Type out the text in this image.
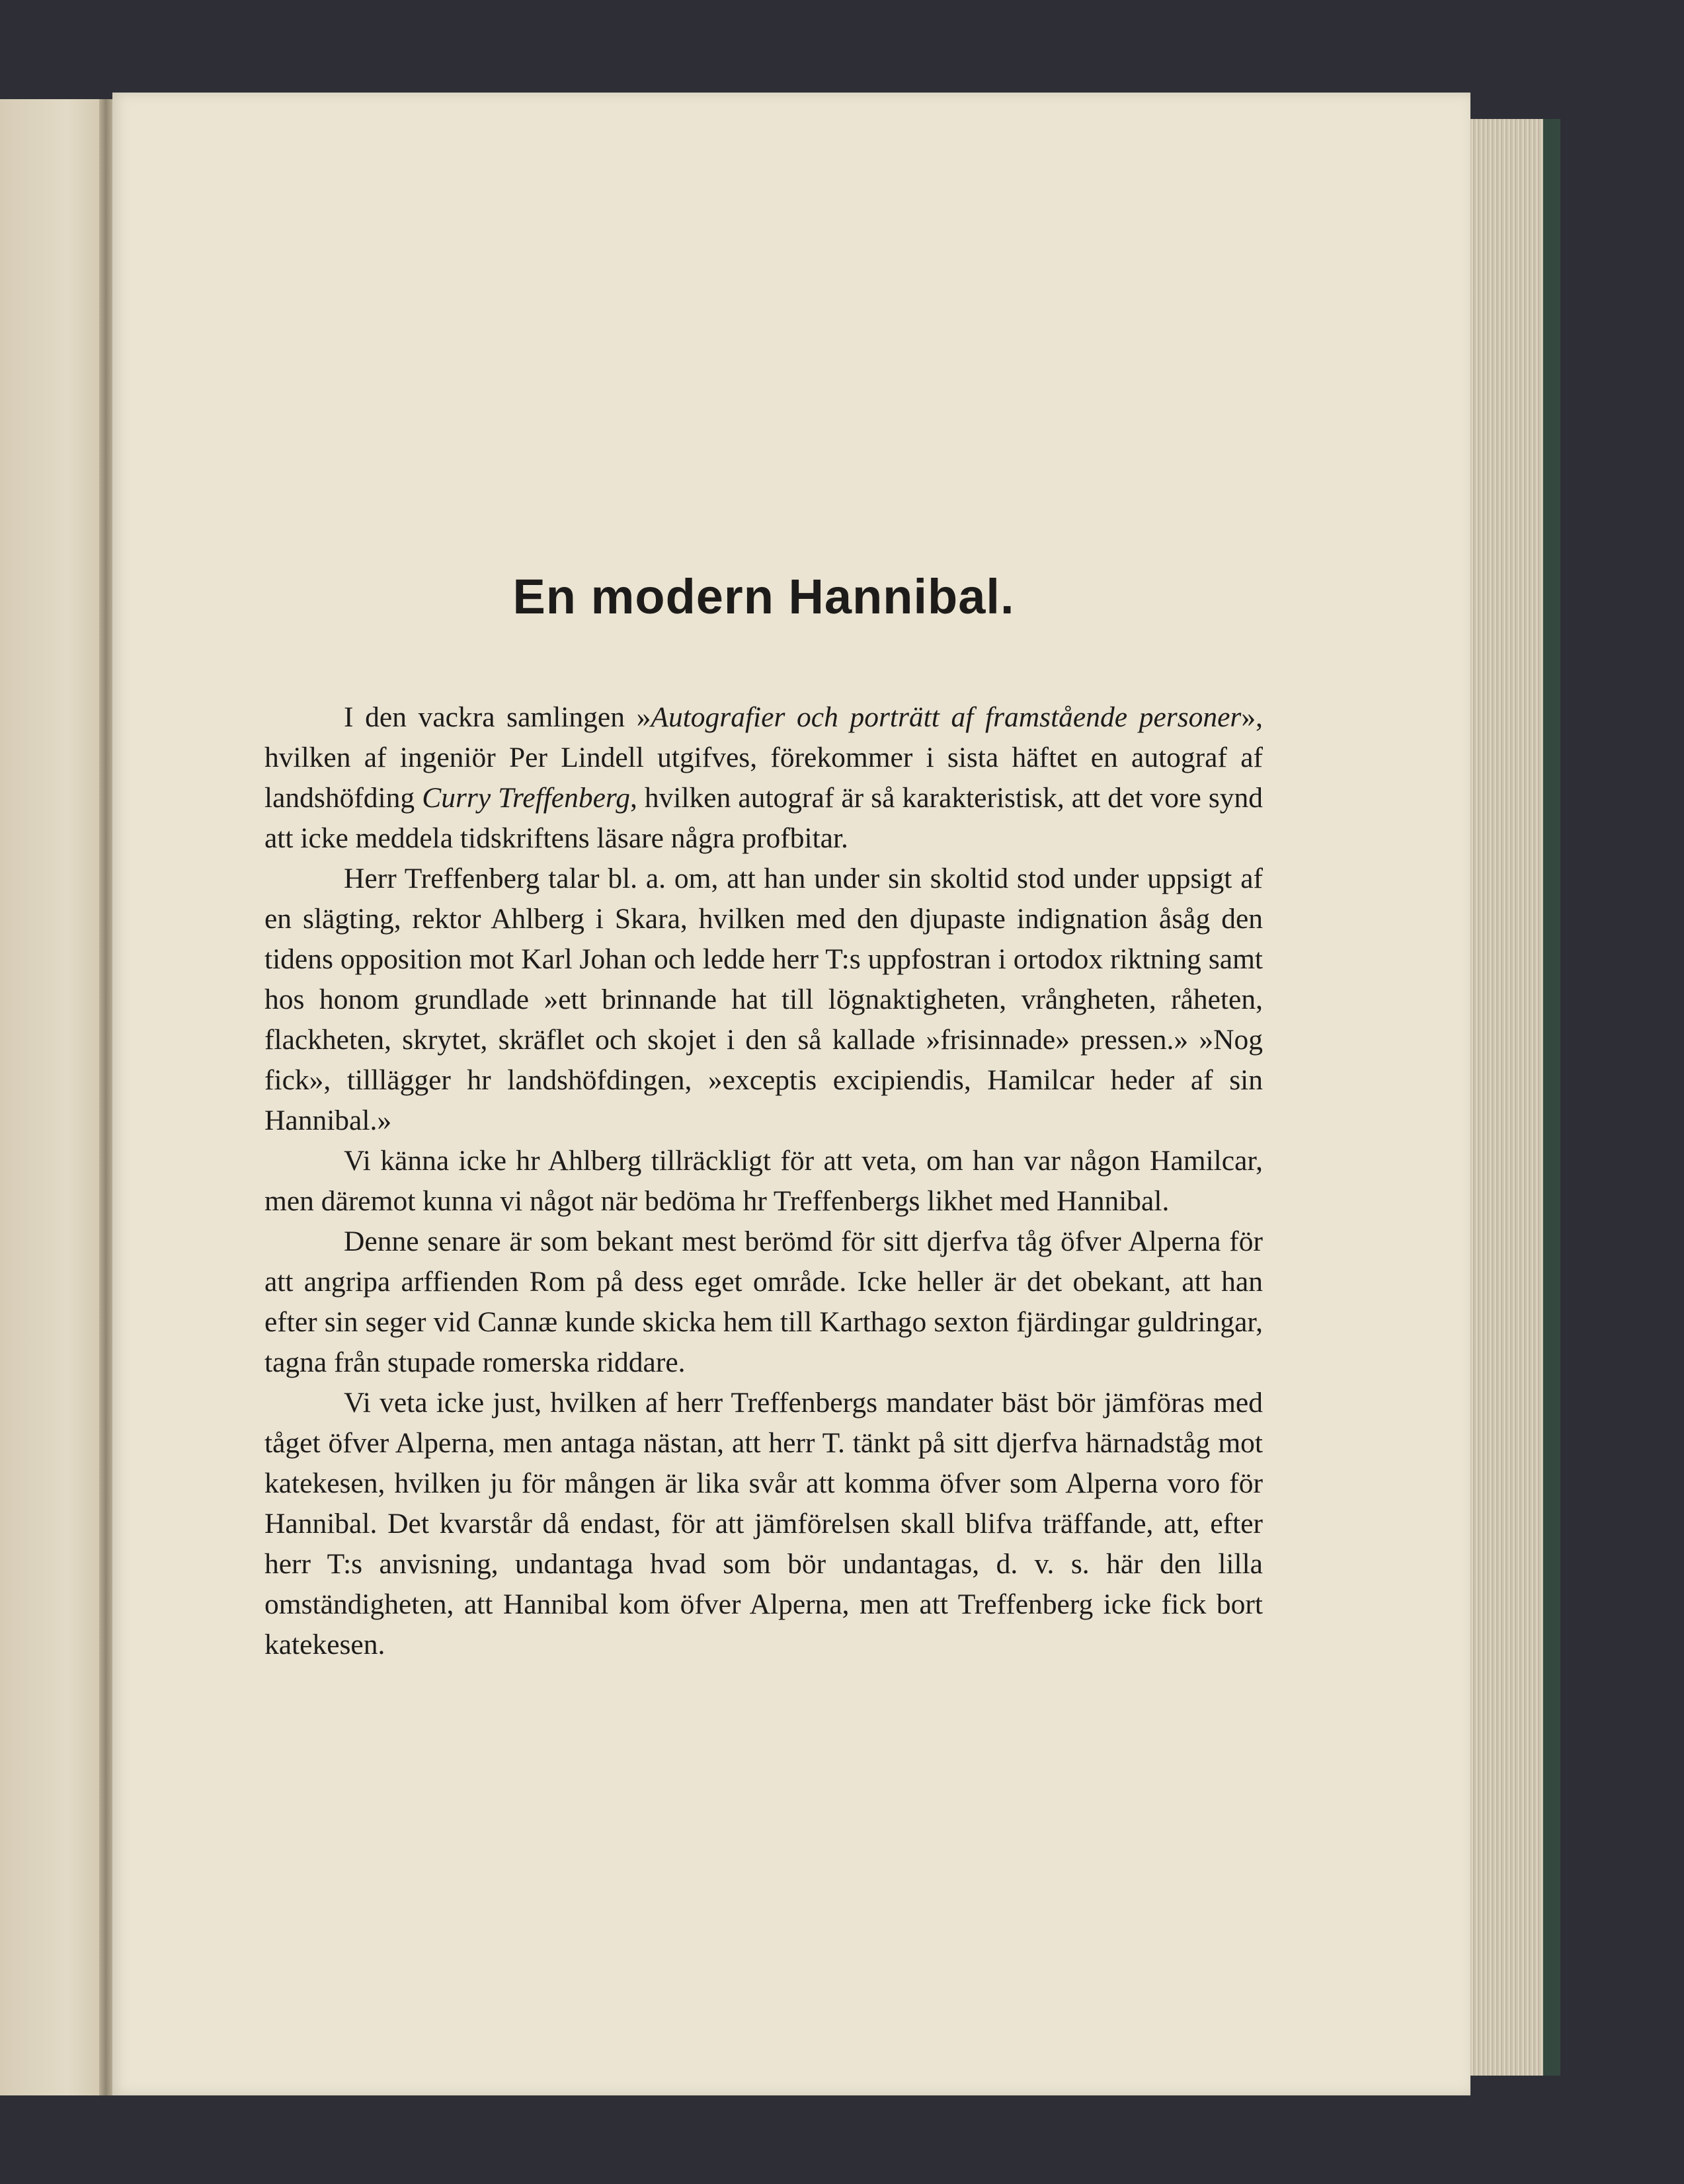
En modern Hannibal.

I den vackra samlingen »Autografier och porträtt af framstående personer», hvilken af ingeniör Per Lindell utgifves, förekommer i sista häftet en autograf af landshöfding Curry Treffenberg, hvilken autograf är så karakteristisk, att det vore synd att icke meddela tidskriftens läsare några profbitar.

Herr Treffenberg talar bl. a. om, att han under sin skoltid stod under uppsigt af en slägting, rektor Ahlberg i Skara, hvilken med den djupaste indignation åsåg den tidens opposition mot Karl Johan och ledde herr T:s uppfostran i ortodox riktning samt hos honom grundlade »ett brinnande hat till lögnaktigheten, vrångheten, råheten, flackheten, skrytet, skräflet och skojet i den så kallade »frisinnade» pressen.» »Nog fick», tilllägger hr landshöfdingen, »exceptis excipiendis, Hamilcar heder af sin Hannibal.»

Vi känna icke hr Ahlberg tillräckligt för att veta, om han var någon Hamilcar, men däremot kunna vi något när bedöma hr Treffenbergs likhet med Hannibal.

Denne senare är som bekant mest berömd för sitt djerfva tåg öfver Alperna för att angripa arffienden Rom på dess eget område. Icke heller är det obekant, att han efter sin seger vid Cannæ kunde skicka hem till Karthago sexton fjärdingar guldringar, tagna från stupade romerska riddare.

Vi veta icke just, hvilken af herr Treffenbergs mandater bäst bör jämföras med tåget öfver Alperna, men antaga nästan, att herr T. tänkt på sitt djerfva härnadståg mot katekesen, hvilken ju för mången är lika svår att komma öfver som Alperna voro för Hannibal. Det kvarstår då endast, för att jämförelsen skall blifva träffande, att, efter herr T:s anvisning, undantaga hvad som bör undantagas, d. v. s. här den lilla omständigheten, att Hannibal kom öfver Alperna, men att Treffenberg icke fick bort katekesen.
